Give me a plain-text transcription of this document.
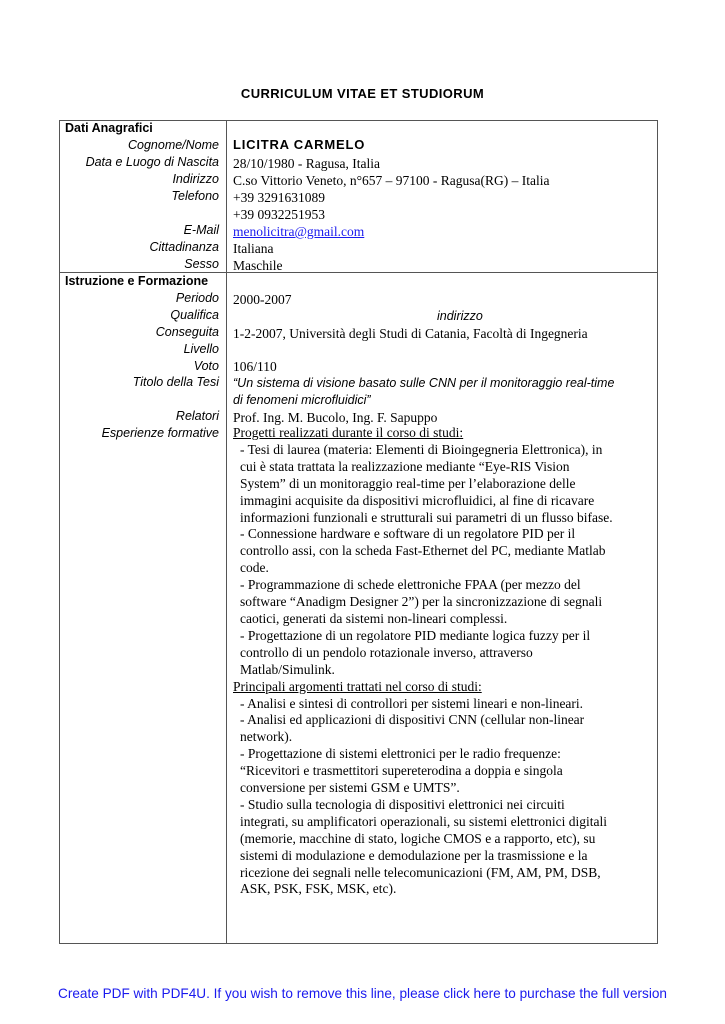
CURRICULUM VITAE ET STUDIORUM
Dati Anagrafici
Cognome/Nome
Data e Luogo di Nascita
Indirizzo
Telefono
E-Mail
Cittadinanza
Sesso
LICITRA CARMELO
28/10/1980 - Ragusa, Italia
C.so Vittorio Veneto, n°657 – 97100 - Ragusa(RG) – Italia
+39 3291631089
+39 0932251953
menolicitra@gmail.com
Italiana
Maschile
Istruzione e Formazione
Periodo
Qualifica
Conseguita
Livello
Voto
Titolo della Tesi
Relatori
Esperienze formative
2000-2007
indirizzo
1-2-2007, Università degli Studi di Catania, Facoltà di Ingegneria
106/110
“Un sistema di visione basato sulle CNN per il monitoraggio real-time
di fenomeni microfluidici”
Prof. Ing. M. Bucolo, Ing. F. Sapuppo
Progetti realizzati durante il corso di studi:
- Tesi di laurea (materia: Elementi di Bioingegneria Elettronica), in
cui è stata trattata la realizzazione mediante “Eye-RIS Vision
System” di un monitoraggio real-time per l’elaborazione delle
immagini acquisite da dispositivi microfluidici, al fine di ricavare
informazioni funzionali e strutturali sui parametri di un flusso bifase.
- Connessione hardware e software di un regolatore PID per il
controllo assi, con la scheda Fast-Ethernet del PC, mediante Matlab
code.
- Programmazione di schede elettroniche FPAA (per mezzo del
software “Anadigm Designer 2”) per la sincronizzazione di segnali
caotici, generati da sistemi non-lineari complessi.
- Progettazione di un regolatore PID mediante logica fuzzy per il
controllo di un pendolo rotazionale inverso, attraverso
Matlab/Simulink.
Principali argomenti trattati nel corso di studi:
- Analisi e sintesi di controllori per sistemi lineari e non-lineari.
- Analisi ed applicazioni di dispositivi CNN (cellular non-linear
network).
- Progettazione di sistemi elettronici per le radio frequenze:
“Ricevitori e trasmettitori supereterodina a doppia e singola
conversione per sistemi GSM e UMTS”.
- Studio sulla tecnologia di dispositivi elettronici nei circuiti
integrati, su amplificatori operazionali, su sistemi elettronici digitali
(memorie, macchine di stato, logiche CMOS e a rapporto, etc), su
sistemi di modulazione e demodulazione per la trasmissione e la
ricezione dei segnali nelle telecomunicazioni (FM, AM, PM, DSB,
ASK, PSK, FSK, MSK, etc).
Create PDF with PDF4U. If you wish to remove this line, please click here to purchase the full version
